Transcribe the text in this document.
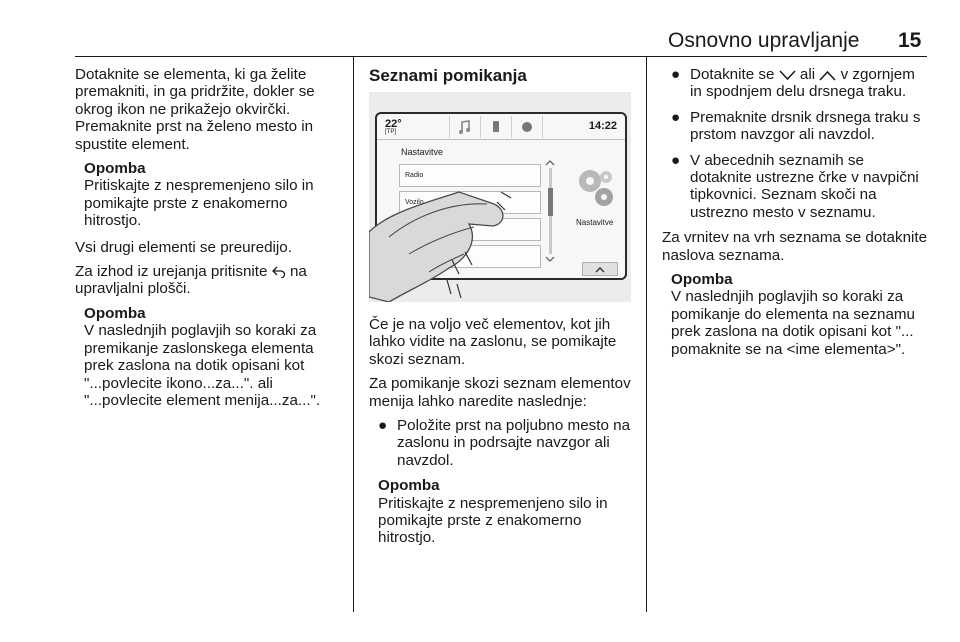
Osnovno upravljanje 15

Dotaknite se elementa, ki ga želite premakniti, in ga pridržite, dokler se okrog ikon ne prikažejo okvirčki. Premaknite prst na želeno mesto in spustite element.

Opomba
Pritiskajte z nespremenjeno silo in pomikajte prste z enakomerno hitrostjo.

Vsi drugi elementi se preuredijo.

Za izhod iz urejanja pritisnite na upravljalni plošči.

Opomba
V naslednjih poglavjih so koraki za premikanje zaslonskega elementa prek zaslona na dotik opisani kot "...povlecite ikono...za...". ali "...povlecite element menija...za...".
Seznami pomikanja
22°
[TP]	14:22
Nastavitve
Radio
Vozilo
Nastavitve

Če je na voljo več elementov, kot jih lahko vidite na zaslonu, se pomikajte skozi seznam.

Za pomikanje skozi seznam elementov menija lahko naredite naslednje:

● Položite prst na poljubno mesto na zaslonu in podrsajte navzgor ali navzdol.
Opomba
Pritiskajte z nespremenjeno silo in pomikajte prste z enakomerno hitrostjo.
● Dotaknite se ali v zgornjem in spodnjem delu drsnega traku.
● Premaknite drsnik drsnega traku s prstom navzgor ali navzdol.
● V abecednih seznamih se dotaknite ustrezne črke v navpični tipkovnici. Seznam skoči na ustrezno mesto v seznamu.

Za vrnitev na vrh seznama se dotaknite naslova seznama.

Opomba
V naslednjih poglavjih so koraki za pomikanje do elementa na seznamu prek zaslona na dotik opisani kot "... pomaknite se na <ime elementa>".
